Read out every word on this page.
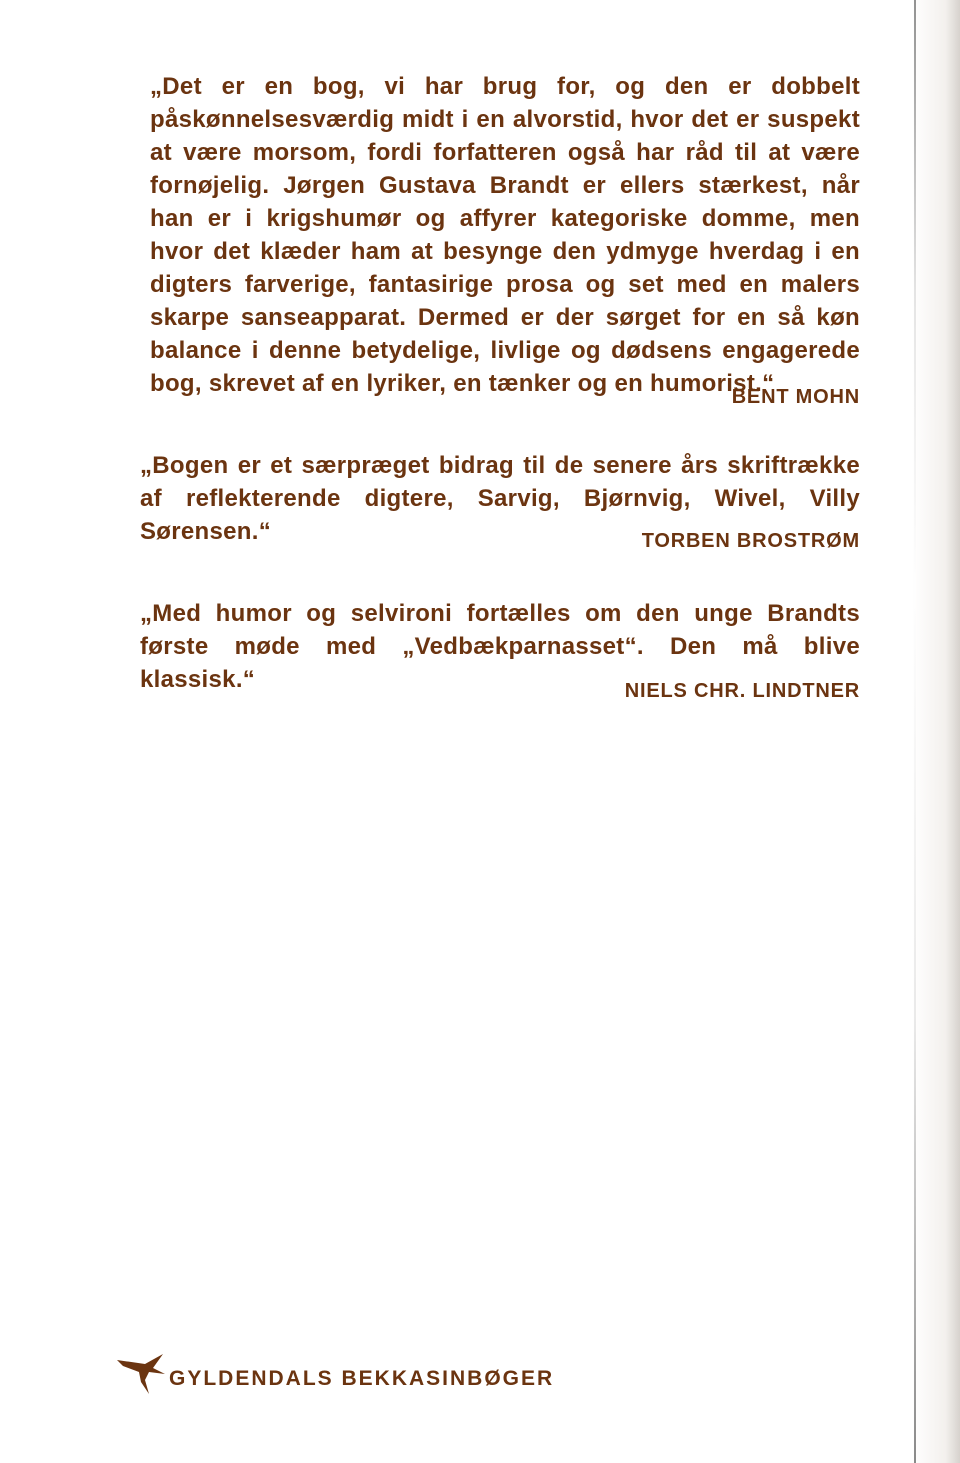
„Det er en bog, vi har brug for, og den er dobbelt påskønnelsesværdig midt i en alvorstid, hvor det er suspekt at være morsom, fordi forfatteren også har råd til at være fornøjelig. Jørgen Gustava Brandt er ellers stærkest, når han er i krigshumør og affyrer kategoriske domme, men hvor det klæder ham at besynge den ydmyge hverdag i en digters farverige, fantasirige prosa og set med en malers skarpe sanseapparat. Dermed er der sørget for en så køn balance i denne betydelige, livlige og dødsens engagerede bog, skrevet af en lyriker, en tænker og en humorist.“

BENT MOHN

„Bogen er et særpræget bidrag til de senere års skriftrække af reflekterende digtere, Sarvig, Bjørnvig, Wivel, Villy Sørensen.“	TORBEN BROSTRØM

„Med humor og selvironi fortælles om den unge Brandts første møde med „Vedbækparnasset“. Den må blive klassisk.“	NIELS CHR. LINDTNER
GYLDENDALS BEKKASINBØGER
